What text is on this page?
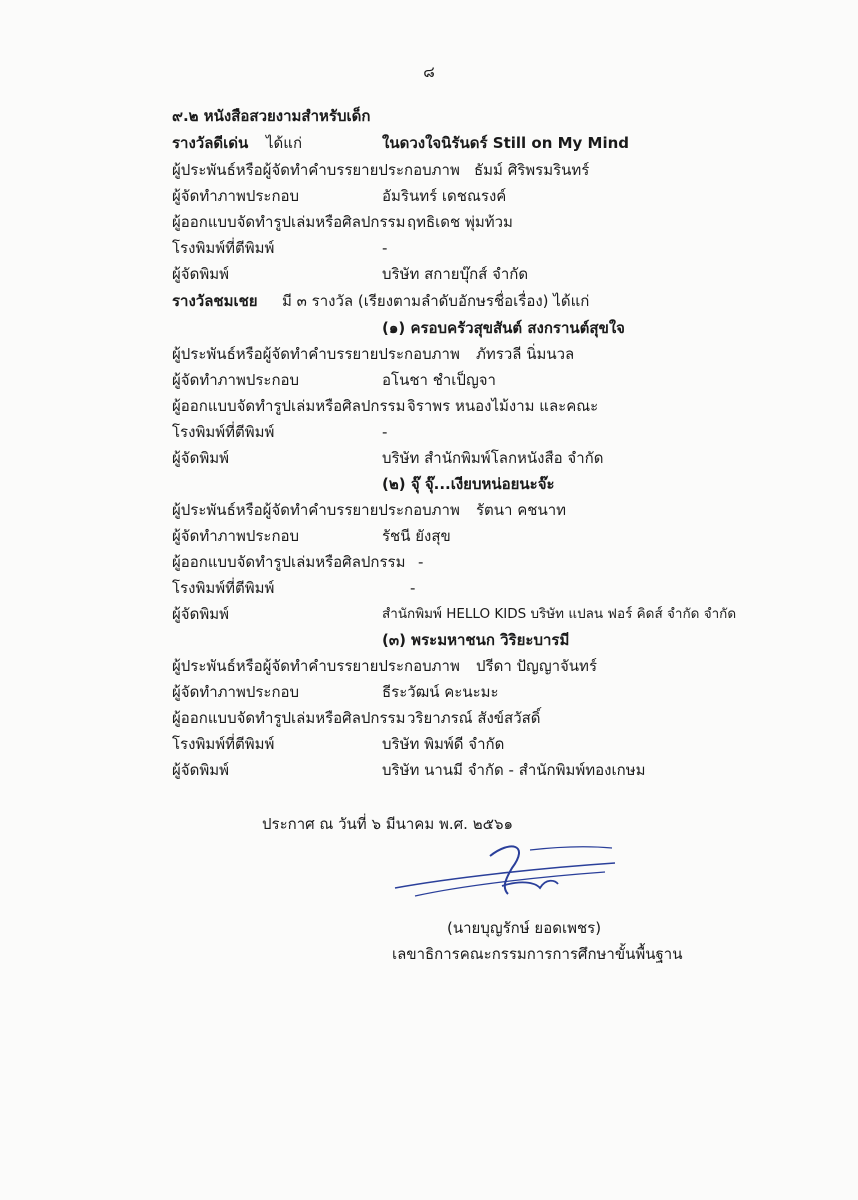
๘
๙.๒ หนังสือสวยงามสำหรับเด็ก
รางวัลดีเด่น ได้แก่	ในดวงใจนิรันดร์ Still on My Mind
ผู้ประพันธ์หรือผู้จัดทำคำบรรยายประกอบภาพ ธัมม์ ศิริพรมรินทร์
ผู้จัดทำภาพประกอบ	อัมรินทร์ เดชณรงค์
ผู้ออกแบบจัดทำรูปเล่มหรือศิลปกรรม ฤทธิเดช พุ่มท้วม
โรงพิมพ์ที่ตีพิมพ์	-
ผู้จัดพิมพ์	บริษัท สกายบุ๊กส์ จำกัด
รางวัลชมเชย มี ๓ รางวัล (เรียงตามลำดับอักษรชื่อเรื่อง) ได้แก่
(๑) ครอบครัวสุขสันต์ สงกรานต์สุขใจ
ผู้ประพันธ์หรือผู้จัดทำคำบรรยายประกอบภาพ ภัทรวลี นิ่มนวล
ผู้จัดทำภาพประกอบ	อโนชา ชำเป็ญจา
ผู้ออกแบบจัดทำรูปเล่มหรือศิลปกรรม จิราพร หนองไม้งาม และคณะ
โรงพิมพ์ที่ตีพิมพ์	-
ผู้จัดพิมพ์	บริษัท สำนักพิมพ์โลกหนังสือ จำกัด
(๒) จุ๊ จุ๊...เงียบหน่อยนะจ๊ะ
ผู้ประพันธ์หรือผู้จัดทำคำบรรยายประกอบภาพ รัตนา คชนาท
ผู้จัดทำภาพประกอบ	รัชนี ยังสุข
ผู้ออกแบบจัดทำรูปเล่มหรือศิลปกรรม -
โรงพิมพ์ที่ตีพิมพ์	-
ผู้จัดพิมพ์	สำนักพิมพ์ HELLO KIDS บริษัท แปลน ฟอร์ คิดส์ จำกัด จำกัด
(๓) พระมหาชนก วิริยะบารมี
ผู้ประพันธ์หรือผู้จัดทำคำบรรยายประกอบภาพ ปรีดา ปัญญาจันทร์
ผู้จัดทำภาพประกอบ	ธีระวัฒน์ คะนะมะ
ผู้ออกแบบจัดทำรูปเล่มหรือศิลปกรรม วริยาภรณ์ สังข์สวัสดิ์
โรงพิมพ์ที่ตีพิมพ์	บริษัท พิมพ์ดี จำกัด
ผู้จัดพิมพ์	บริษัท นานมี จำกัด - สำนักพิมพ์ทองเกษม
ประกาศ ณ วันที่ ๖ มีนาคม พ.ศ. ๒๕๖๑
(นายบุญรักษ์ ยอดเพชร)
เลขาธิการคณะกรรมการการศึกษาขั้นพื้นฐาน
